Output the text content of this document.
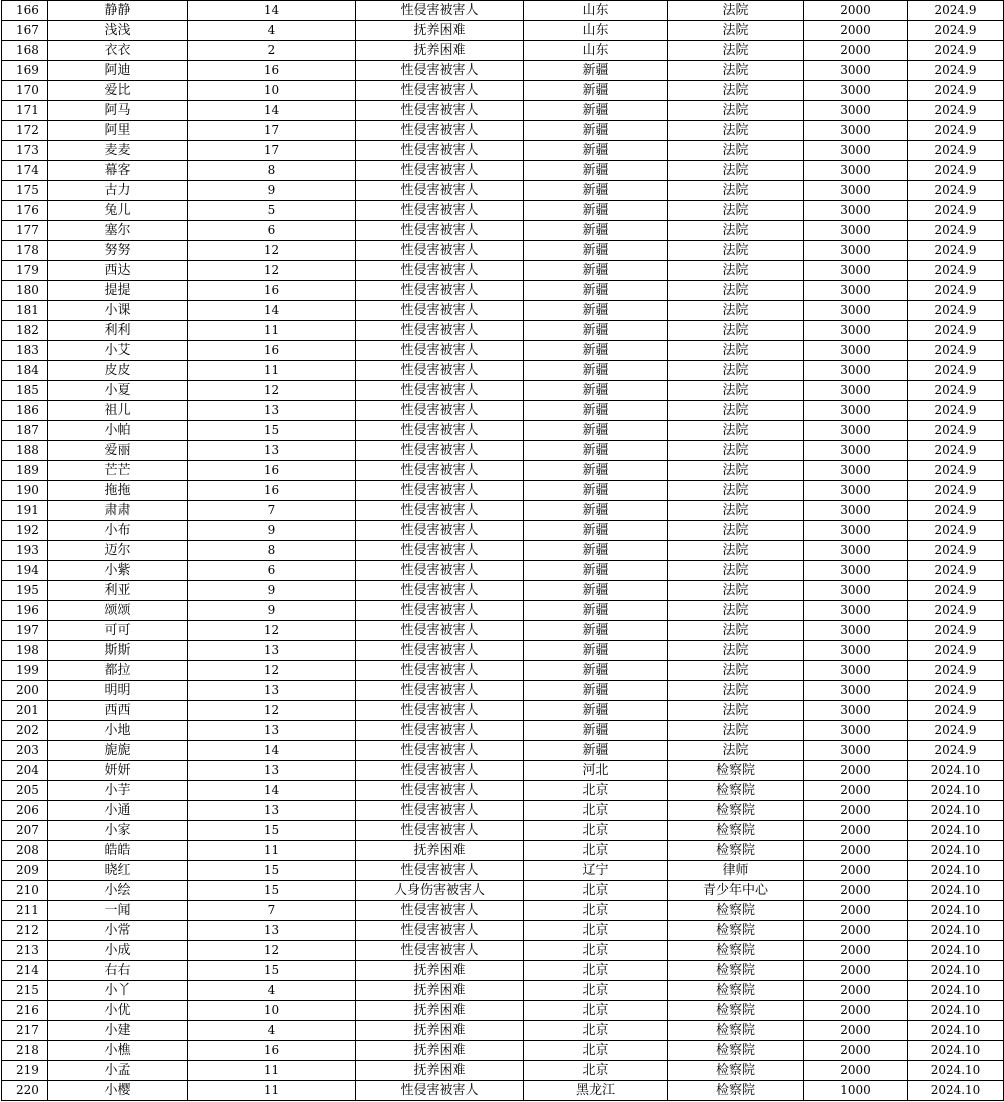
166	静静	14	性侵害被害人	山东	法院	2000	2024.9
167	浅浅	4	抚养困难	山东	法院	2000	2024.9
168	衣衣	2	抚养困难	山东	法院	2000	2024.9
169	阿迪	16	性侵害被害人	新疆	法院	3000	2024.9
170	爱比	10	性侵害被害人	新疆	法院	3000	2024.9
171	阿马	14	性侵害被害人	新疆	法院	3000	2024.9
172	阿里	17	性侵害被害人	新疆	法院	3000	2024.9
173	麦麦	17	性侵害被害人	新疆	法院	3000	2024.9
174	幕客	8	性侵害被害人	新疆	法院	3000	2024.9
175	古力	9	性侵害被害人	新疆	法院	3000	2024.9
176	兔儿	5	性侵害被害人	新疆	法院	3000	2024.9
177	塞尔	6	性侵害被害人	新疆	法院	3000	2024.9
178	努努	12	性侵害被害人	新疆	法院	3000	2024.9
179	西达	12	性侵害被害人	新疆	法院	3000	2024.9
180	提提	16	性侵害被害人	新疆	法院	3000	2024.9
181	小课	14	性侵害被害人	新疆	法院	3000	2024.9
182	利利	11	性侵害被害人	新疆	法院	3000	2024.9
183	小艾	16	性侵害被害人	新疆	法院	3000	2024.9
184	皮皮	11	性侵害被害人	新疆	法院	3000	2024.9
185	小夏	12	性侵害被害人	新疆	法院	3000	2024.9
186	祖儿	13	性侵害被害人	新疆	法院	3000	2024.9
187	小帕	15	性侵害被害人	新疆	法院	3000	2024.9
188	爱丽	13	性侵害被害人	新疆	法院	3000	2024.9
189	芒芒	16	性侵害被害人	新疆	法院	3000	2024.9
190	拖拖	16	性侵害被害人	新疆	法院	3000	2024.9
191	肃肃	7	性侵害被害人	新疆	法院	3000	2024.9
192	小布	9	性侵害被害人	新疆	法院	3000	2024.9
193	迈尔	8	性侵害被害人	新疆	法院	3000	2024.9
194	小紫	6	性侵害被害人	新疆	法院	3000	2024.9
195	利亚	9	性侵害被害人	新疆	法院	3000	2024.9
196	颂颂	9	性侵害被害人	新疆	法院	3000	2024.9
197	可可	12	性侵害被害人	新疆	法院	3000	2024.9
198	斯斯	13	性侵害被害人	新疆	法院	3000	2024.9
199	都拉	12	性侵害被害人	新疆	法院	3000	2024.9
200	明明	13	性侵害被害人	新疆	法院	3000	2024.9
201	西西	12	性侵害被害人	新疆	法院	3000	2024.9
202	小地	13	性侵害被害人	新疆	法院	3000	2024.9
203	旎旎	14	性侵害被害人	新疆	法院	3000	2024.9
204	妍妍	13	性侵害被害人	河北	检察院	2000	2024.10
205	小芋	14	性侵害被害人	北京	检察院	2000	2024.10
206	小通	13	性侵害被害人	北京	检察院	2000	2024.10
207	小家	15	性侵害被害人	北京	检察院	2000	2024.10
208	皓皓	11	抚养困难	北京	检察院	2000	2024.10
209	晓红	15	性侵害被害人	辽宁	律师	2000	2024.10
210	小绘	15	人身伤害被害人	北京	青少年中心	2000	2024.10
211	一闻	7	性侵害被害人	北京	检察院	2000	2024.10
212	小常	13	性侵害被害人	北京	检察院	2000	2024.10
213	小成	12	性侵害被害人	北京	检察院	2000	2024.10
214	右右	15	抚养困难	北京	检察院	2000	2024.10
215	小丫	4	抚养困难	北京	检察院	2000	2024.10
216	小优	10	抚养困难	北京	检察院	2000	2024.10
217	小建	4	抚养困难	北京	检察院	2000	2024.10
218	小樵	16	抚养困难	北京	检察院	2000	2024.10
219	小孟	11	抚养困难	北京	检察院	2000	2024.10
220	小樱	11	性侵害被害人	黑龙江	检察院	1000	2024.10
